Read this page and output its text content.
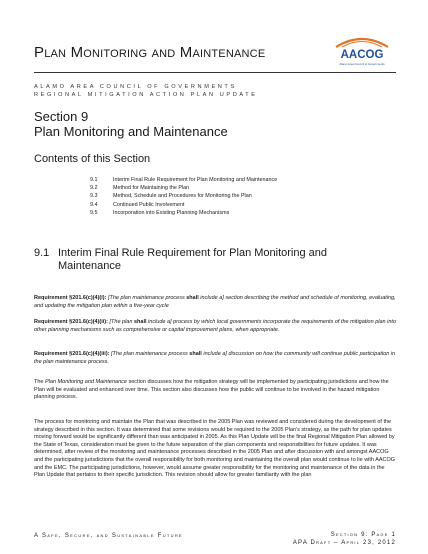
Plan Monitoring and Maintenance	AACOG
Alamo Area Council of Governments
ALAMO AREA COUNCIL OF GOVERNMENTS
REGIONAL MITIGATION ACTION PLAN UPDATE
Section 9
Plan Monitoring and Maintenance
Contents of this Section
9.1	Interim Final Rule Requirement for Plan Monitoring and Maintenance
9.2	Method for Maintaining the Plan
9.3	Method, Schedule and Procedures for Monitoring the Plan
9.4	Continued Public Involvement
9.5	Incorporation into Existing Planning Mechanisms
9.1 Interim Final Rule Requirement for Plan Monitoring and Maintenance
Requirement §201.6(c)(4)(i): [The plan maintenance process shall include a] section describing the method and schedule of monitoring, evaluating, and updating the mitigation plan within a five-year cycle
Requirement §201.6(c)(4)(ii): [The plan shall include a] process by which local governments incorporate the requirements of the mitigation plan into other planning mechanisms such as comprehensive or capital improvement plans, when appropriate.
Requirement §201.6(c)(4)(iii): [The plan maintenance process shall include a] discussion on how the community will continue public participation in the plan maintenance process.
The Plan Monitoring and Maintenance section discusses how the mitigation strategy will be implemented by participating jurisdictions and how the Plan will be evaluated and enhanced over time. This section also discusses how the public will continue to be involved in the hazard mitigation planning process.
The process for monitoring and maintain the Plan that was described in the 2005 Plan was reviewed and considered during the development of the strategy described in this section. It was determined that some revisions would be required to the 2005 Plan’s strategy, as the path for plan updates moving forward would be significantly different than was anticipated in 2005. As this Plan Update will be the final Regional Mitigation Plan allowed by the State of Texas, consideration must be given to the future separation of the plan components and responsibilities for future updates. It was determined, after review of the monitoring and maintenance processes described in the 2005 Plan and after discussion with and amongst AACOG and the participating jurisdictions that the overall responsibility for both monitoring and maintaining the overall plan would continue to lie with AACOG and the EMC. The participating jurisdictions, however, would assume greater responsibility for the monitoring and maintenance of the data in the Plan Update that pertains to their specific jurisdiction. This revision should allow for greater familiarity with the plan
A Safe, Secure, and Sustainable Future	Section 9: Page 1
APA Draft – April 23, 2012
